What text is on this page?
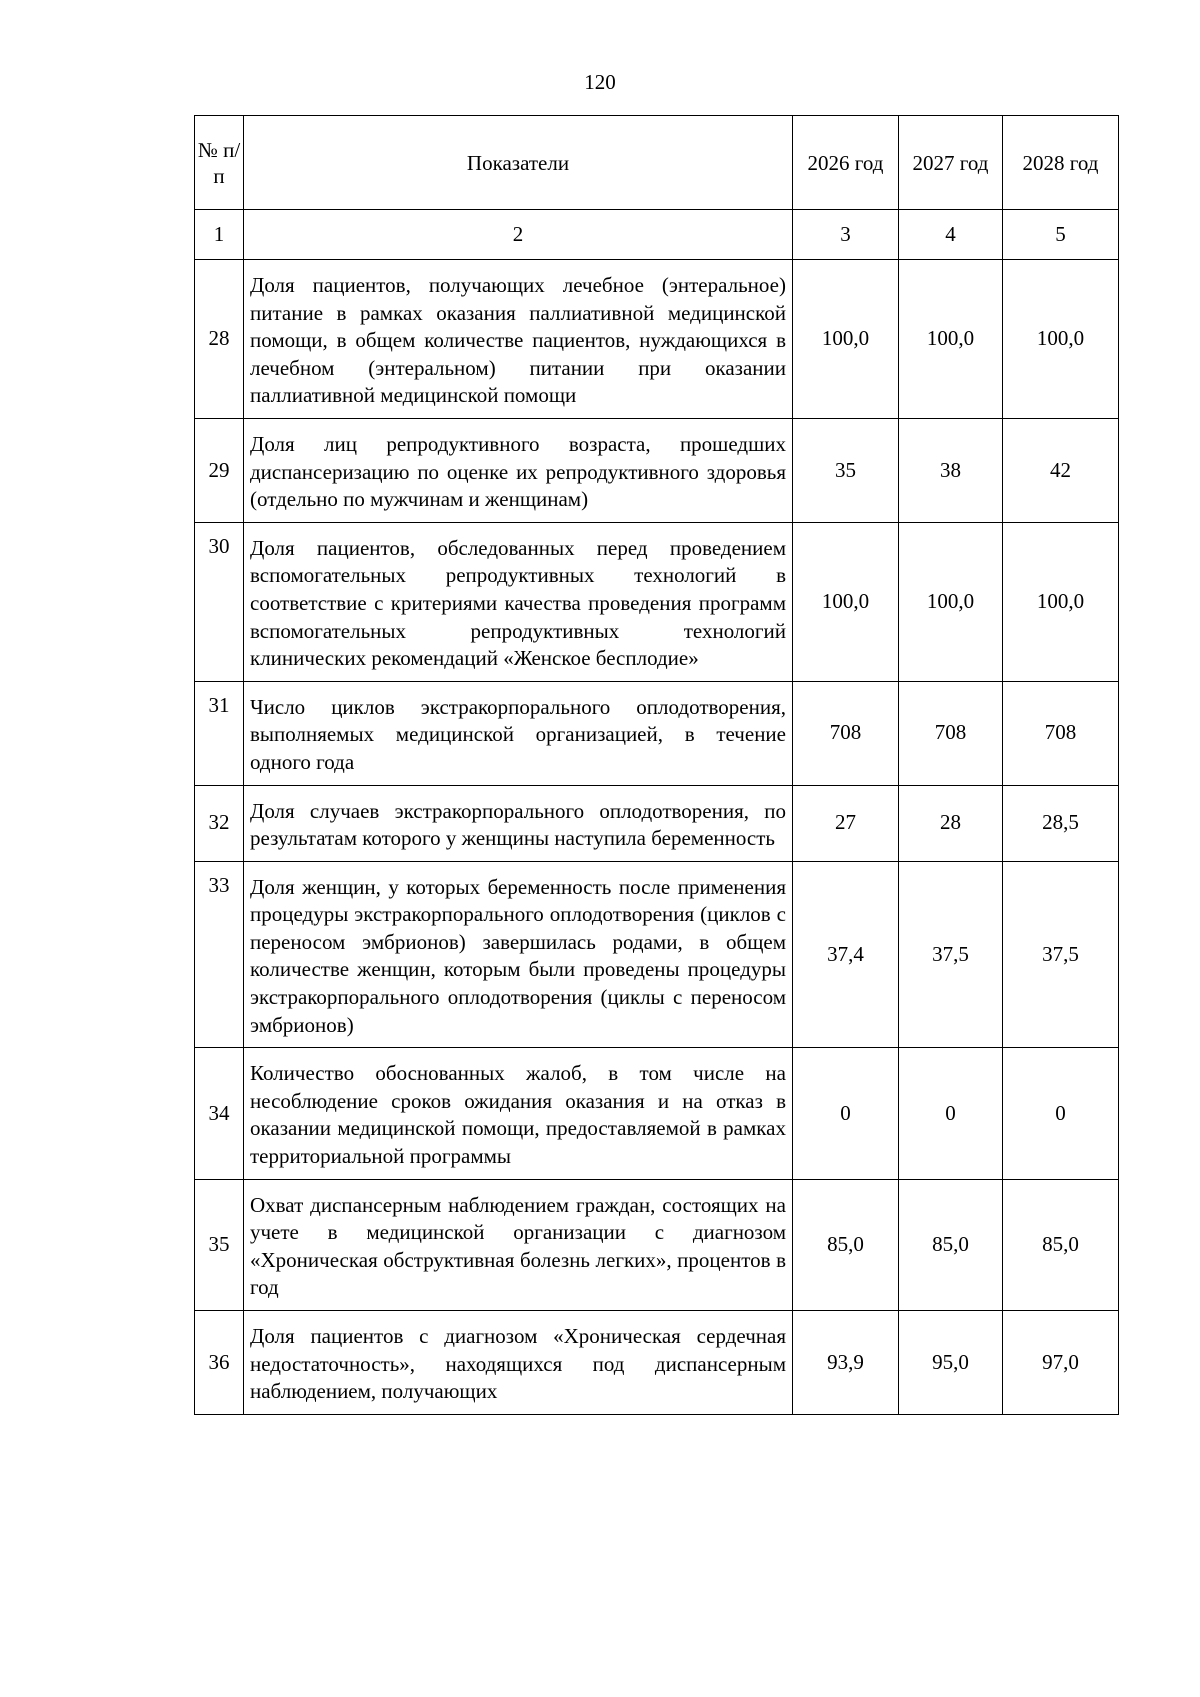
120
№ п/п	Показатели	2026 год	2027 год	2028 год
1	2	3	4	5
28	Доля пациентов, получающих лечебное (энтеральное) питание в рамках оказания паллиативной медицинской помощи, в общем количестве пациентов, нуждающихся в лечебном (энтеральном) питании при оказании паллиативной медицинской помощи	100,0	100,0	100,0
29	Доля лиц репродуктивного возраста, прошедших диспансеризацию по оценке их репродуктивного здоровья (отдельно по мужчинам и женщинам)	35	38	42
30	Доля пациентов, обследованных перед проведением вспомогательных репродуктивных технологий в соответствие с критериями качества проведения программ вспомогательных репродуктивных технологий клинических рекомендаций «Женское бесплодие»	100,0	100,0	100,0
31	Число циклов экстракорпорального оплодотворения, выполняемых медицинской организацией, в течение одного года	708	708	708
32	Доля случаев экстракорпорального оплодотворения, по результатам которого у женщины наступила беременность	27	28	28,5
33	Доля женщин, у которых беременность после применения процедуры экстракорпорального оплодотворения (циклов с переносом эмбрионов) завершилась родами, в общем количестве женщин, которым были проведены процедуры экстракорпорального оплодотворения (циклы с переносом эмбрионов)	37,4	37,5	37,5
34	Количество обоснованных жалоб, в том числе на несоблюдение сроков ожидания оказания и на отказ в оказании медицинской помощи, предоставляемой в рамках территориальной программы	0	0	0
35	Охват диспансерным наблюдением граждан, состоящих на учете в медицинской организации с диагнозом «Хроническая обструктивная болезнь легких», процентов в год	85,0	85,0	85,0
36	Доля пациентов с диагнозом «Хроническая сердечная недостаточность», находящихся под диспансерным наблюдением, получающих	93,9	95,0	97,0
